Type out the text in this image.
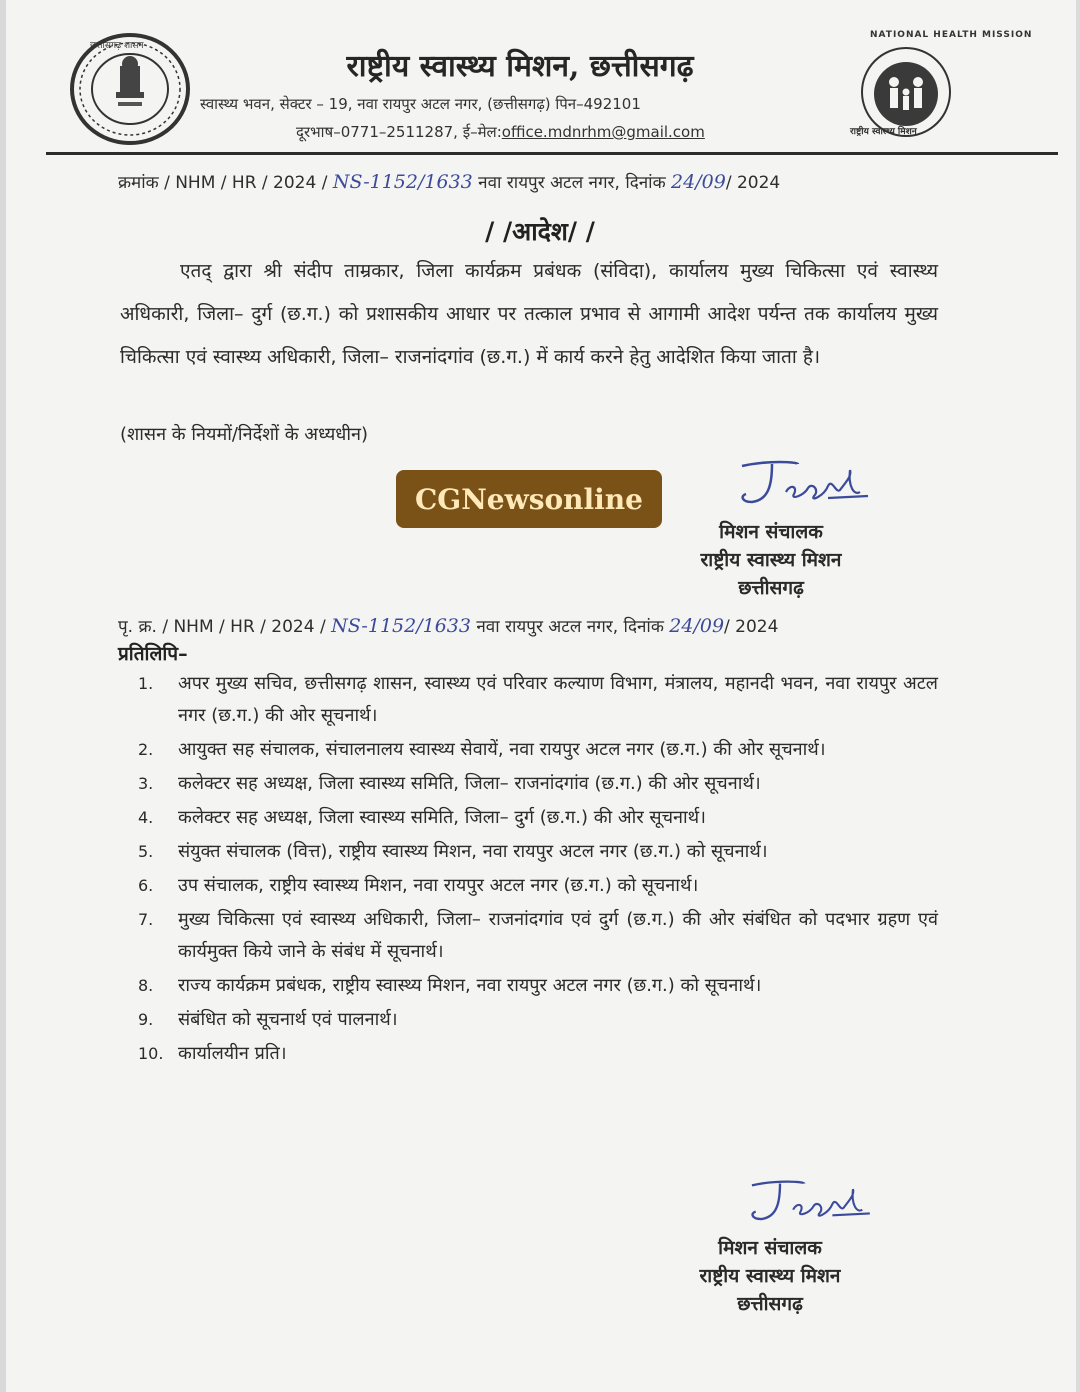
छत्तीसगढ़ शासन
राष्ट्रीय स्वास्थ्य मिशन, छत्तीसगढ़
स्वास्थ्य भवन, सेक्टर – 19, नवा रायपुर अटल नगर, (छत्तीसगढ़) पिन–492101
दूरभाष–0771–2511287, ई–मेल:office.mdnrhm@gmail.com
NATIONAL HEALTH MISSION
राष्ट्रीय स्वास्थ्य मिशन
क्रमांक / NHM / HR / 2024 / NS-1152/1633 नवा रायपुर अटल नगर, दिनांक 24/09/ 2024
/ /आदेश/ /
एतद् द्वारा श्री संदीप ताम्रकार, जिला कार्यक्रम प्रबंधक (संविदा), कार्यालय मुख्य चिकित्सा एवं स्वास्थ्य अधिकारी, जिला– दुर्ग (छ.ग.) को प्रशासकीय आधार पर तत्काल प्रभाव से आगामी आदेश पर्यन्त तक कार्यालय मुख्य चिकित्सा एवं स्वास्थ्य अधिकारी, जिला– राजनांदगांव (छ.ग.) में कार्य करने हेतु आदेशित किया जाता है।
(शासन के नियमों/निर्देशों के अध्यधीन)
CGNewsonline
मिशन संचालक
राष्ट्रीय स्वास्थ्य मिशन
छत्तीसगढ़
पृ. क्र. / NHM / HR / 2024 / NS-1152/1633 नवा रायपुर अटल नगर, दिनांक 24/09/ 2024
प्रतिलिपि–
1.	अपर मुख्य सचिव, छत्तीसगढ़ शासन, स्वास्थ्य एवं परिवार कल्याण विभाग, मंत्रालय, महानदी भवन, नवा रायपुर अटल नगर (छ.ग.) की ओर सूचनार्थ।
2.	आयुक्त सह संचालक, संचालनालय स्वास्थ्य सेवायें, नवा रायपुर अटल नगर (छ.ग.) की ओर सूचनार्थ।
3.	कलेक्टर सह अध्यक्ष, जिला स्वास्थ्य समिति, जिला– राजनांदगांव (छ.ग.) की ओर सूचनार्थ।
4.	कलेक्टर सह अध्यक्ष, जिला स्वास्थ्य समिति, जिला– दुर्ग (छ.ग.) की ओर सूचनार्थ।
5.	संयुक्त संचालक (वित्त), राष्ट्रीय स्वास्थ्य मिशन, नवा रायपुर अटल नगर (छ.ग.) को सूचनार्थ।
6.	उप संचालक, राष्ट्रीय स्वास्थ्य मिशन, नवा रायपुर अटल नगर (छ.ग.) को सूचनार्थ।
7.	मुख्य चिकित्सा एवं स्वास्थ्य अधिकारी, जिला– राजनांदगांव एवं दुर्ग (छ.ग.) की ओर संबंधित को पदभार ग्रहण एवं कार्यमुक्त किये जाने के संबंध में सूचनार्थ।
8.	राज्य कार्यक्रम प्रबंधक, राष्ट्रीय स्वास्थ्य मिशन, नवा रायपुर अटल नगर (छ.ग.) को सूचनार्थ।
9.	संबंधित को सूचनार्थ एवं पालनार्थ।
10. कार्यालयीन प्रति।
मिशन संचालक
राष्ट्रीय स्वास्थ्य मिशन
छत्तीसगढ़
